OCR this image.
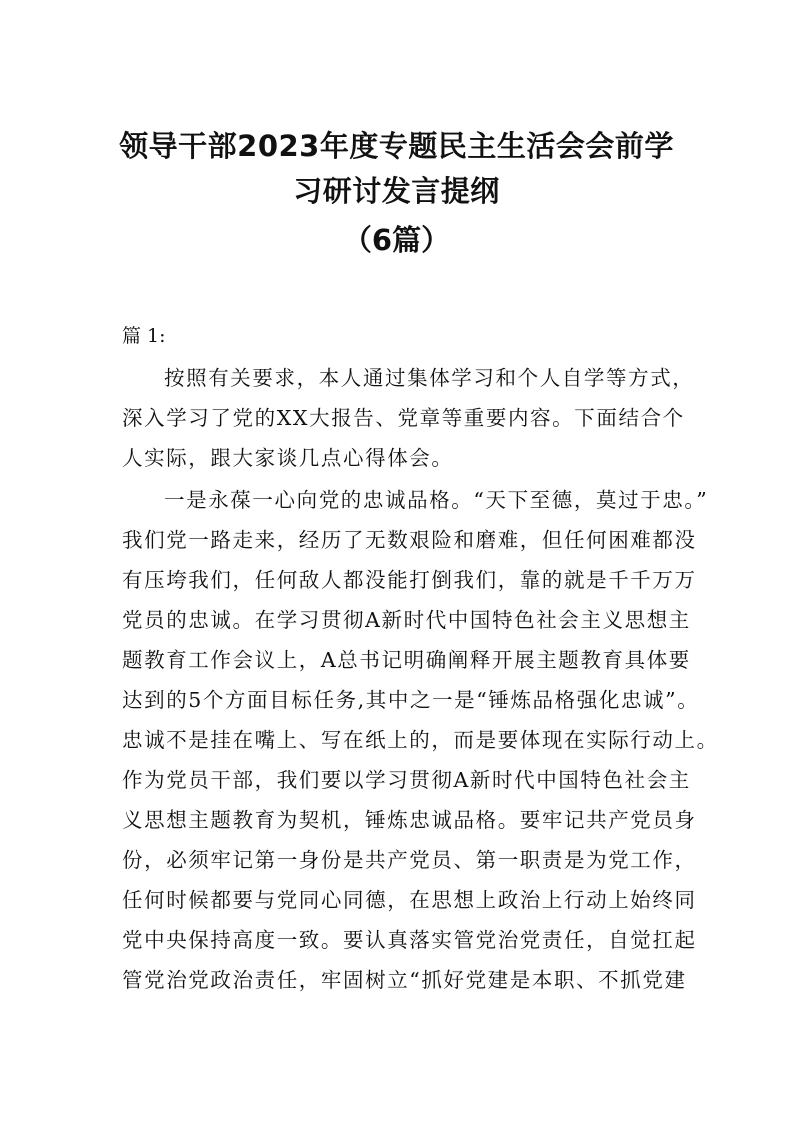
领导干部2023年度专题民主生活会会前学
习研讨发言提纲
（6篇）
篇 1:
按照有关要求，本人通过集体学习和个人自学等方式，
深入学习了党的XX大报告、党章等重要内容。下面结合个
人实际，跟大家谈几点心得体会。
一是永葆一心向党的忠诚品格。“天下至德，莫过于忠。”
我们党一路走来，经历了无数艰险和磨难，但任何困难都没
有压垮我们，任何敌人都没能打倒我们，靠的就是千千万万
党员的忠诚。在学习贯彻A新时代中国特色社会主义思想主
题教育工作会议上，A总书记明确阐释开展主题教育具体要
达到的5个方面目标任务,其中之一是“锤炼品格强化忠诚”。
忠诚不是挂在嘴上、写在纸上的，而是要体现在实际行动上。
作为党员干部，我们要以学习贯彻A新时代中国特色社会主
义思想主题教育为契机，锤炼忠诚品格。要牢记共产党员身
份，必须牢记第一身份是共产党员、第一职责是为党工作，
任何时候都要与党同心同德，在思想上政治上行动上始终同
党中央保持高度一致。要认真落实管党治党责任，自觉扛起
管党治党政治责任，牢固树立“抓好党建是本职、不抓党建
